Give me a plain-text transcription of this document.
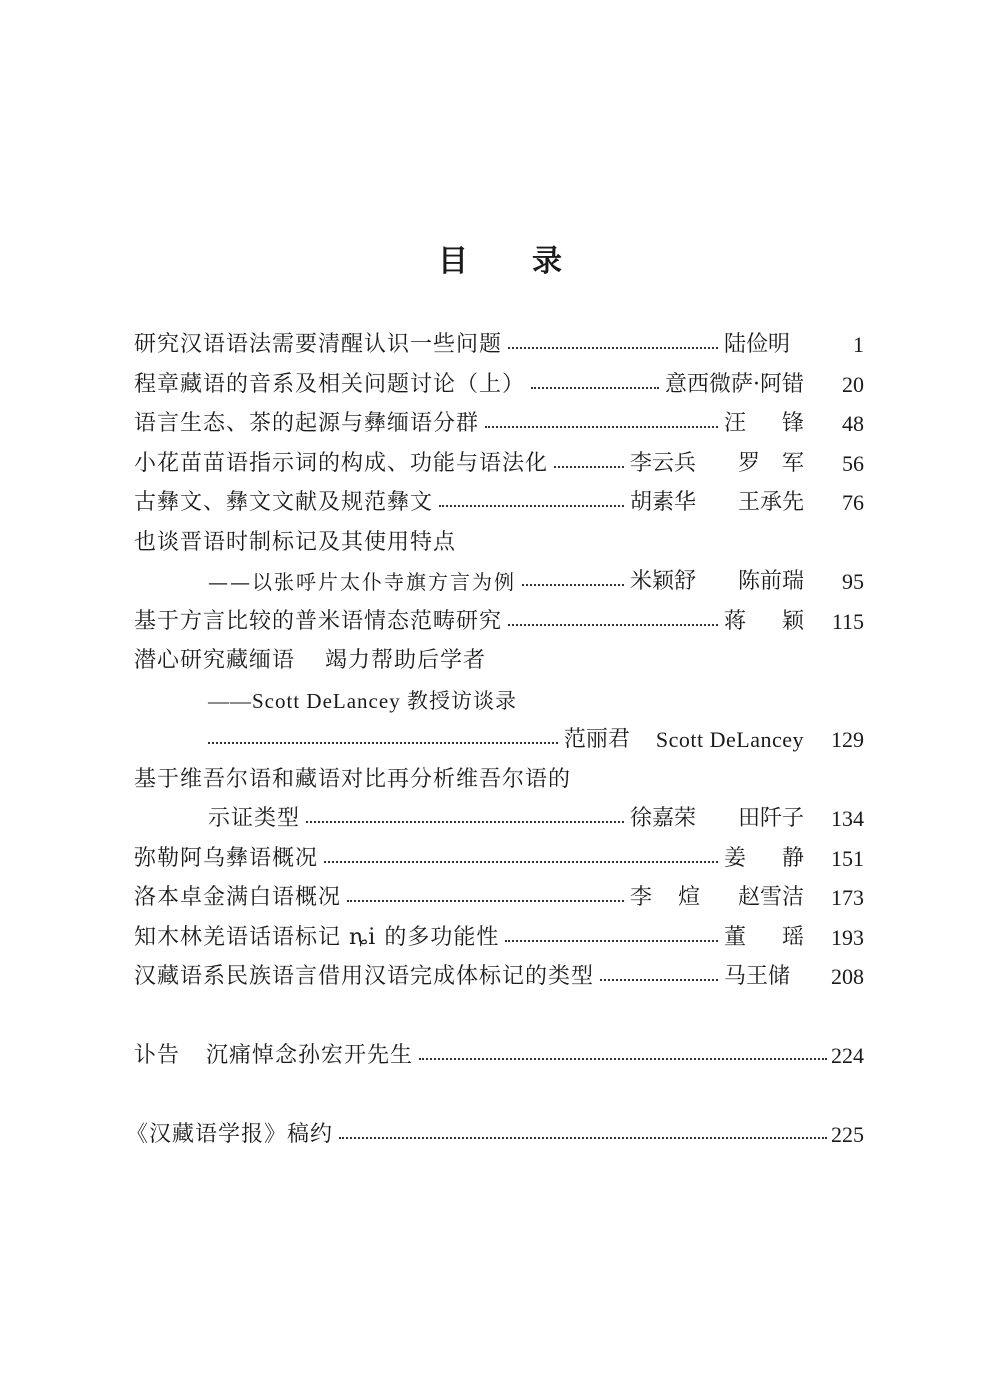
目 录
研究汉语语法需要清醒认识一些问题	陆俭明	1
程章藏语的音系及相关问题讨论（上）	意西微萨·阿错	20
语言生态、茶的起源与彝缅语分群	汪 锋	48
小花苗苗语指示词的构成、功能与语法化	李云兵 罗 军	56
古彝文、彝文文献及规范彝文	胡素华 王承先	76
也谈晋语时制标记及其使用特点
——以张呼片太仆寺旗方言为例	米颖舒 陈前瑞	95
基于方言比较的普米语情态范畴研究	蒋 颖	115
潜心研究藏缅语 竭力帮助后学者
——Scott DeLancey 教授访谈录
范丽君 Scott DeLancey	129
基于维吾尔语和藏语对比再分析维吾尔语的
示证类型	徐嘉荣 田阡子	134
弥勒阿乌彝语概况	姜 静	151
洛本卓金满白语概况	李 煊 赵雪洁	173
知木林羌语话语标记 ȵi 的多功能性	董 瑶	193
汉藏语系民族语言借用汉语完成体标记的类型	马王储	208
讣告 沉痛悼念孙宏开先生	224
《汉藏语学报》稿约	225
